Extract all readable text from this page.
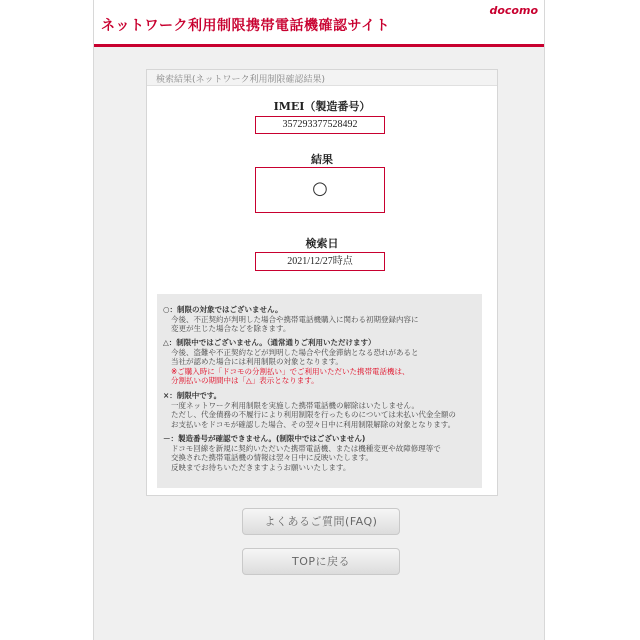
ネットワーク利用制限携帯電話機確認サイト
docomo
検索結果(ネットワーク利用制限確認結果)
IMEI（製造番号）
357293377528492
結果
○
検索日
2021/12/27時点
○：制限の対象ではございません。
今後、不正契約が判明した場合や携帯電話機購入に関わる初期登録内容に
変更が生じた場合などを除きます。
△：制限中ではございません。（通常通りご利用いただけます）
今後、盗難や不正契約などが判明した場合や代金滞納となる恐れがあると
当社が認めた場合には利用制限の対象となります。
※ご購入時に「ドコモの分割払い」でご利用いただいた携帯電話機は、
分割払いの期間中は「△」表示となります。
×：制限中です。
一度ネットワーク利用制限を実施した携帯電話機の解除はいたしません。
ただし、代金債務の不履行により利用制限を行ったものについては未払い代金全額の
お支払いをドコモが確認した場合、その翌々日中に利用制限解除の対象となります。
－：製造番号が確認できません。(制限中ではございません)
ドコモ回線を新規に契約いただいた携帯電話機、または機種変更や故障修理等で
交換された携帯電話機の情報は翌々日中に反映いたします。
反映までお待ちいただきますようお願いいたします。
よくあるご質問(FAQ)
TOPに戻る
